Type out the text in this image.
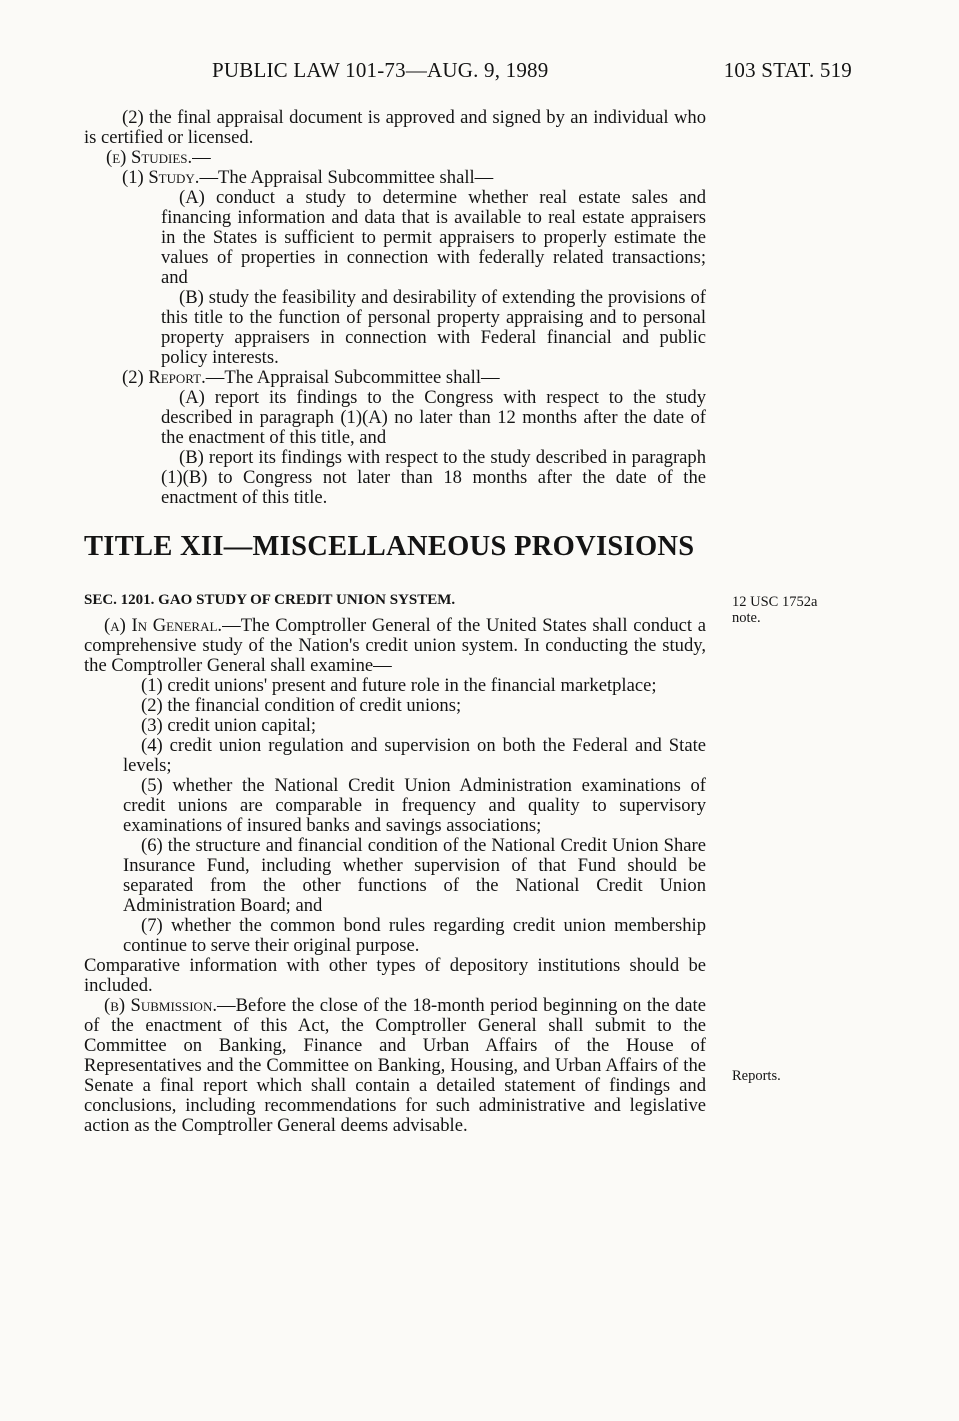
PUBLIC LAW 101-73—AUG. 9, 1989	103 STAT. 519

(2) the final appraisal document is approved and signed by an individual who is certified or licensed.

(e) Studies.—

(1) Study.—The Appraisal Subcommittee shall—

(A) conduct a study to determine whether real estate sales and financing information and data that is available to real estate appraisers in the States is sufficient to permit appraisers to properly estimate the values of properties in connection with federally related transactions; and

(B) study the feasibility and desirability of extending the provisions of this title to the function of personal property appraising and to personal property appraisers in connection with Federal financial and public policy interests.

(2) Report.—The Appraisal Subcommittee shall—

(A) report its findings to the Congress with respect to the study described in paragraph (1)(A) no later than 12 months after the date of the enactment of this title, and

(B) report its findings with respect to the study described in paragraph (1)(B) to Congress not later than 18 months after the date of the enactment of this title.

TITLE XII—MISCELLANEOUS PROVISIONS
SEC. 1201. GAO STUDY OF CREDIT UNION SYSTEM.

(a) In General.—The Comptroller General of the United States shall conduct a comprehensive study of the Nation's credit union system. In conducting the study, the Comptroller General shall examine—

(1) credit unions' present and future role in the financial marketplace;

(2) the financial condition of credit unions;

(3) credit union capital;

(4) credit union regulation and supervision on both the Federal and State levels;

(5) whether the National Credit Union Administration examinations of credit unions are comparable in frequency and quality to supervisory examinations of insured banks and savings associations;

(6) the structure and financial condition of the National Credit Union Share Insurance Fund, including whether supervision of that Fund should be separated from the other functions of the National Credit Union Administration Board; and

(7) whether the common bond rules regarding credit union membership continue to serve their original purpose.

Comparative information with other types of depository institutions should be included.

(b) Submission.—Before the close of the 18-month period beginning on the date of the enactment of this Act, the Comptroller General shall submit to the Committee on Banking, Finance and Urban Affairs of the House of Representatives and the Committee on Banking, Housing, and Urban Affairs of the Senate a final report which shall contain a detailed statement of findings and conclusions, including recommendations for such administrative and legislative action as the Comptroller General deems advisable.

12 USC 1752a
note.
Reports.
